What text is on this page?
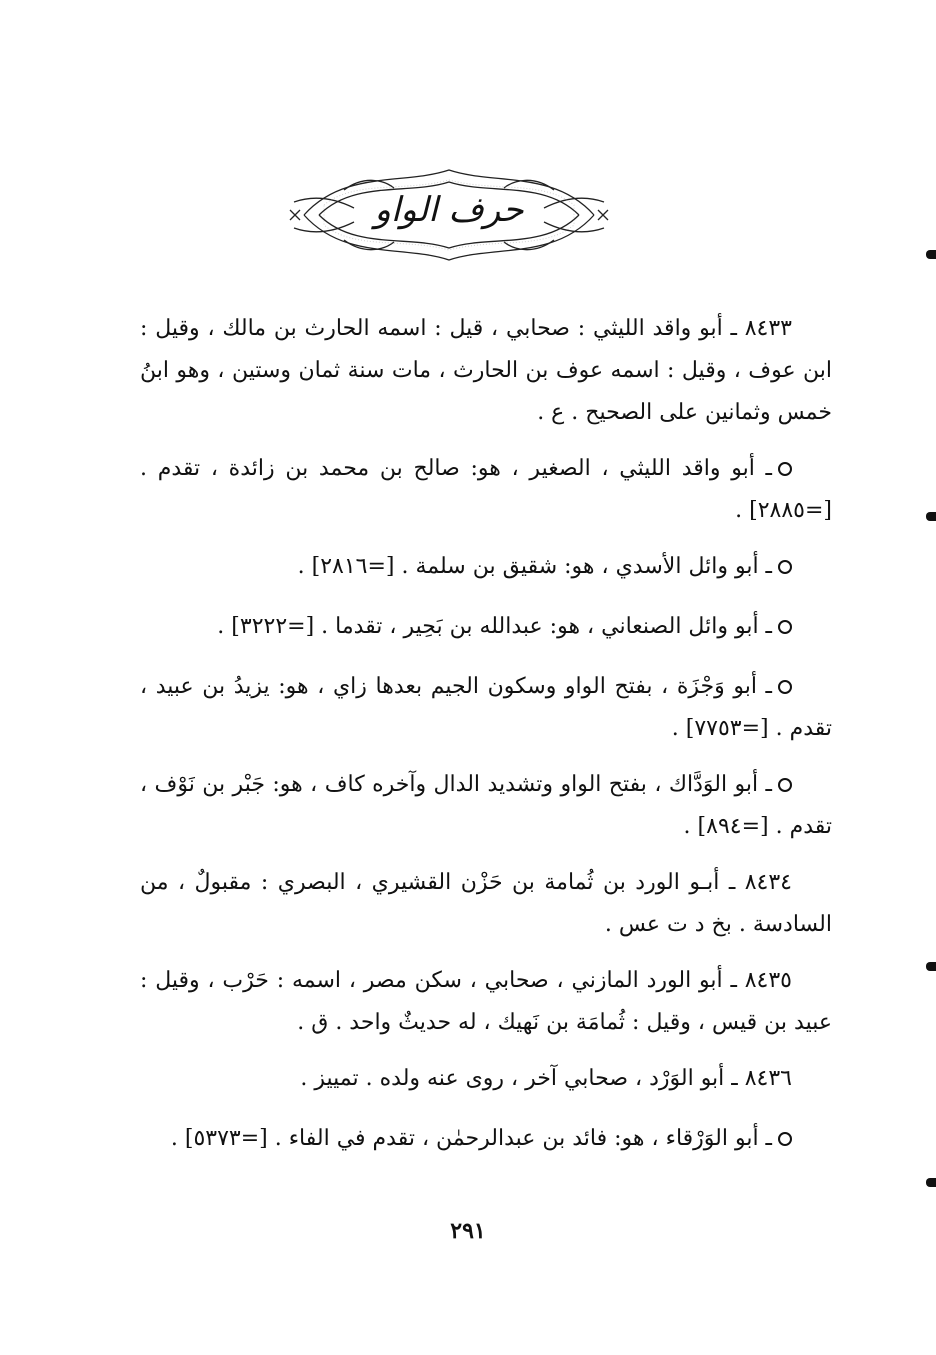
حرف الواو
٨٤٣٣ ـ أبو واقد الليثي : صحابي ، قيل : اسمه الحارث بن مالك ، وقيل :
ابن عوف ، وقيل : اسمه عوف بن الحارث ، مات سنة ثمان وستين ، وهو ابنُ
خمس وثمانين على الصحيح . ع .
ـ أبو واقد الليثي ، الصغير ، هو: صالح بن محمد بن زائدة ، تقدم .
[=٢٨٨٥] .
ـ أبو وائل الأسدي ، هو: شقيق بن سلمة . [=٢٨١٦] .
ـ أبو وائل الصنعاني ، هو: عبدالله بن بَحِير ، تقدما . [=٣٢٢٢] .
ـ أبو وَجْزَة ، بفتح الواو وسكون الجيم بعدها زاي ، هو: يزيدُ بن عبيد ،
تقدم . [=٧٧٥٣] .
ـ أبو الوَدَّاك ، بفتح الواو وتشديد الدال وآخره كاف ، هو: جَبْر بن نَوْف ،
تقدم . [=٨٩٤] .
٨٤٣٤ ـ أبـو الورد بن ثُمامة بن حَزْن القشيري ، البصري : مقبولٌ ، من
السادسة . بخ د ت عس .
٨٤٣٥ ـ أبو الورد المازني ، صحابي ، سكن مصر ، اسمه : حَرْب ، وقيل :
عبيد بن قيس ، وقيل : ثُمامَة بن نَهيك ، له حديثٌ واحد . ق .
٨٤٣٦ ـ أبو الوَرْد ، صحابي آخر ، روى عنه ولده . تمييز .
ـ أبو الوَرْقاء ، هو: فائد بن عبدالرحمٰن ، تقدم في الفاء . [=٥٣٧٣] .
٢٩١
